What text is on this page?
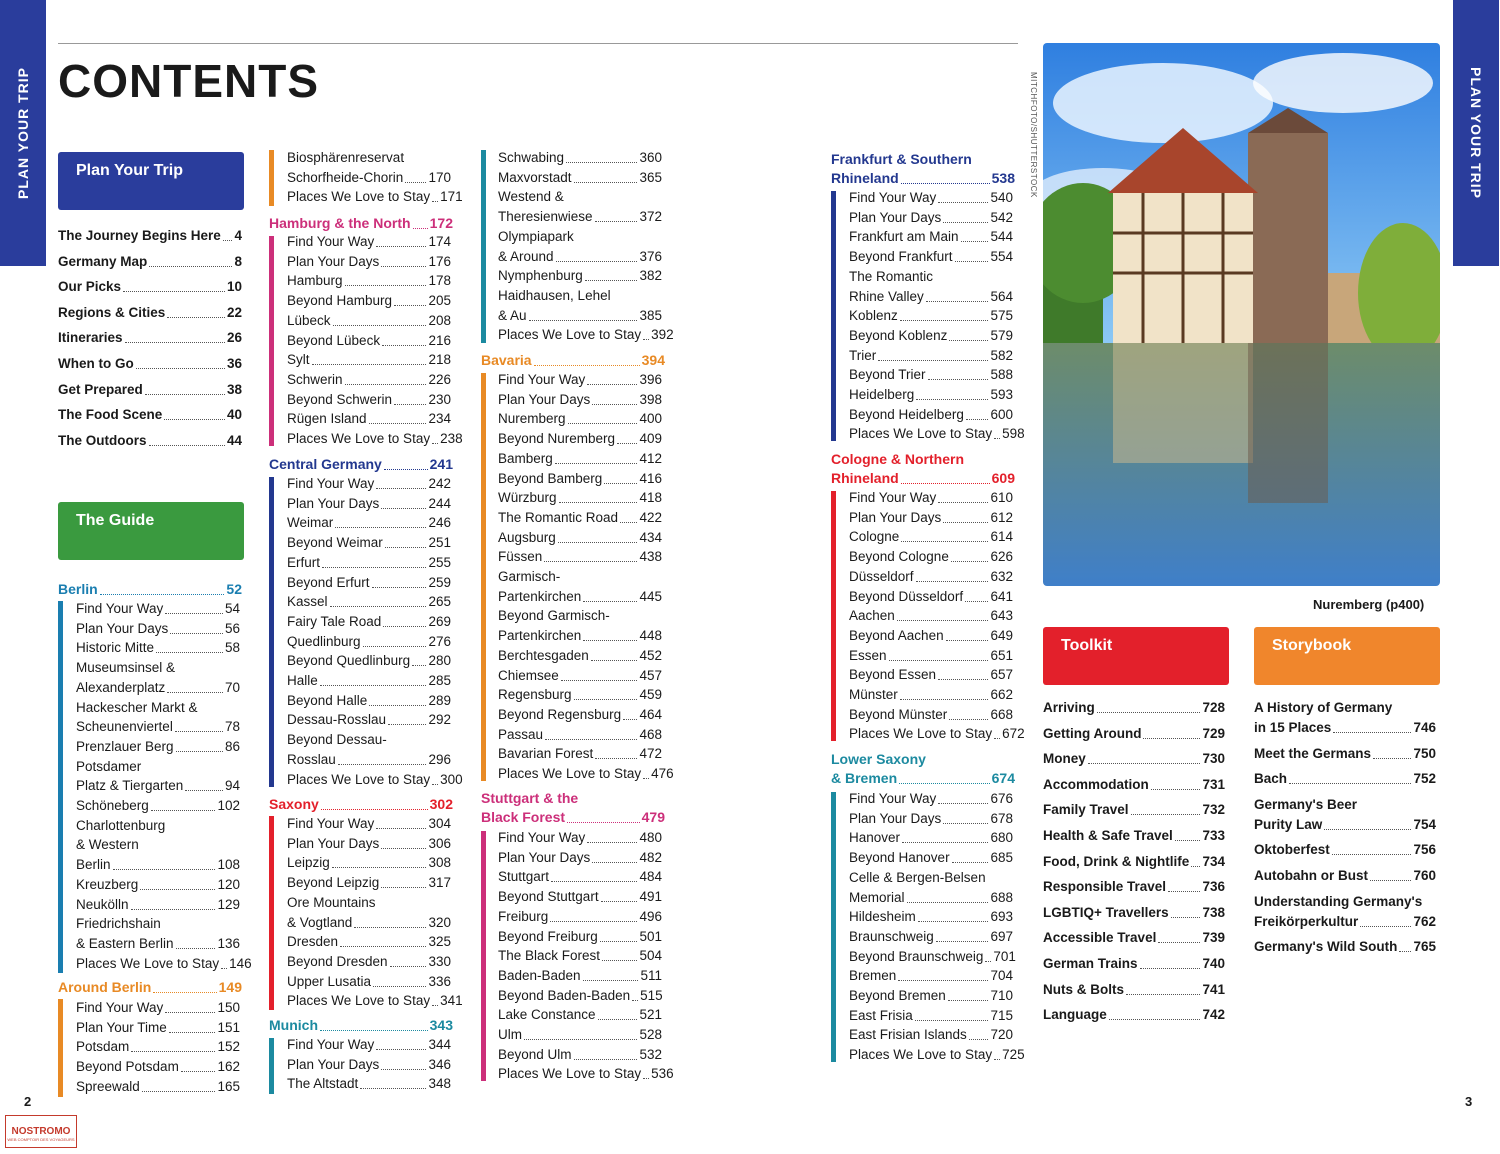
PLAN YOUR TRIP	PLAN YOUR TRIP
CONTENTS
Plan Your Trip
The Guide
Toolkit	Storybook
Berlin	52
Around Berlin	149
Hamburg & the North 172
Central Germany	241
Saxony	302
Munich	343
Bavaria	394
Stuttgart & the
Black Forest	479
Frankfurt & Southern
Rhineland	538
Cologne & Northern
Rhineland	609
Lower Saxony
& Bremen	674
The Journey Begins Here 4
Germany Map	8
Our Picks	10
Regions & Cities	22
Itineraries	26
When to Go	36
Get Prepared	38
The Food Scene	40
The Outdoors	44
Find Your Way	54
Plan Your Days	56
Historic Mitte	58
Museumsinsel &
Alexanderplatz	70
Hackescher Markt &
Scheunenviertel	78
Prenzlauer Berg	86
Potsdamer
Platz & Tiergarten	94
Schöneberg	102
Charlottenburg
& Western
Berlin	108
Kreuzberg	120
Neukölln	129
Friedrichshain
& Eastern Berlin	136
Places We Love to Stay 146
Find Your Way	150
Plan Your Time	151
Potsdam	152
Beyond Potsdam	162
Spreewald	165
Biosphärenreservat
Schorfheide-Chorin 170
Places We Love to Stay 171
Find Your Way	174
Plan Your Days	176
Hamburg	178
Beyond Hamburg	205
Lübeck	208
Beyond Lübeck	216
Sylt	218
Schwerin	226
Beyond Schwerin	230
Rügen Island	234
Places We Love to Stay 238
Find Your Way	242
Plan Your Days	244
Weimar	246
Beyond Weimar	251
Erfurt	255
Beyond Erfurt	259
Kassel	265
Fairy Tale Road	269
Quedlinburg	276
Beyond Quedlinburg 280
Halle	285
Beyond Halle	289
Dessau-Rosslau	292
Beyond Dessau-
Rosslau	296
Places We Love to Stay 300
Find Your Way	304
Plan Your Days	306
Leipzig	308
Beyond Leipzig	317
Ore Mountains
& Vogtland	320
Dresden	325
Beyond Dresden	330
Upper Lusatia	336
Places We Love to Stay 341
Find Your Way	344
Plan Your Days	346
The Altstadt	348
Schwabing	360
Maxvorstadt	365
Westend &
Theresienwiese	372
Olympiapark
& Around	376
Nymphenburg	382
Haidhausen, Lehel
& Au	385
Places We Love to Stay 392
Find Your Way	396
Plan Your Days	398
Nuremberg	400
Beyond Nuremberg 409
Bamberg	412
Beyond Bamberg	416
Würzburg	418
The Romantic Road 422
Augsburg	434
Füssen	438
Garmisch-
Partenkirchen	445
Beyond Garmisch-
Partenkirchen	448
Berchtesgaden	452
Chiemsee	457
Regensburg	459
Beyond Regensburg 464
Passau	468
Bavarian Forest	472
Places We Love to Stay 476
Find Your Way	480
Plan Your Days	482
Stuttgart	484
Beyond Stuttgart	491
Freiburg	496
Beyond Freiburg	501
The Black Forest	504
Baden-Baden	511
Beyond Baden-Baden 515
Lake Constance	521
Ulm	528
Beyond Ulm	532
Places We Love to Stay 536
Find Your Way	540
Plan Your Days	542
Frankfurt am Main 544
Beyond Frankfurt	554
The Romantic
Rhine Valley	564
Koblenz	575
Beyond Koblenz	579
Trier	582
Beyond Trier	588
Heidelberg	593
Beyond Heidelberg 600
Places We Love to Stay 598
Find Your Way	610
Plan Your Days	612
Cologne	614
Beyond Cologne	626
Düsseldorf	632
Beyond Düsseldorf 641
Aachen	643
Beyond Aachen	649
Essen	651
Beyond Essen	657
Münster	662
Beyond Münster	668
Places We Love to Stay 672
Find Your Way	676
Plan Your Days	678
Hanover	680
Beyond Hanover	685
Celle & Bergen-Belsen
Memorial	688
Hildesheim	693
Braunschweig	697
Beyond Braunschweig 701
Bremen	704
Beyond Bremen	710
East Frisia	715
East Frisian Islands 720
Places We Love to Stay 725
Arriving	728
Getting Around	729
Money	730
Accommodation	731
Family Travel	732
Health & Safe Travel 733
Food, Drink & Nightlife 734
Responsible Travel	736
LGBTIQ+ Travellers	738
Accessible Travel	739
German Trains	740
Nuts & Bolts	741
Language	742
A History of Germany
in 15 Places	746
Meet the Germans	750
Bach	752
Germany's Beer
Purity Law	754
Oktoberfest	756
Autobahn or Bust	760
Understanding Germany's
Freikörperkultur	762
Germany's Wild South 765
MITCHFOTO/SHUTTERSTOCK
Nuremberg (p400)
2	3
NOSTROMO
WEB COMPTOIR DES VOYAGEURS
